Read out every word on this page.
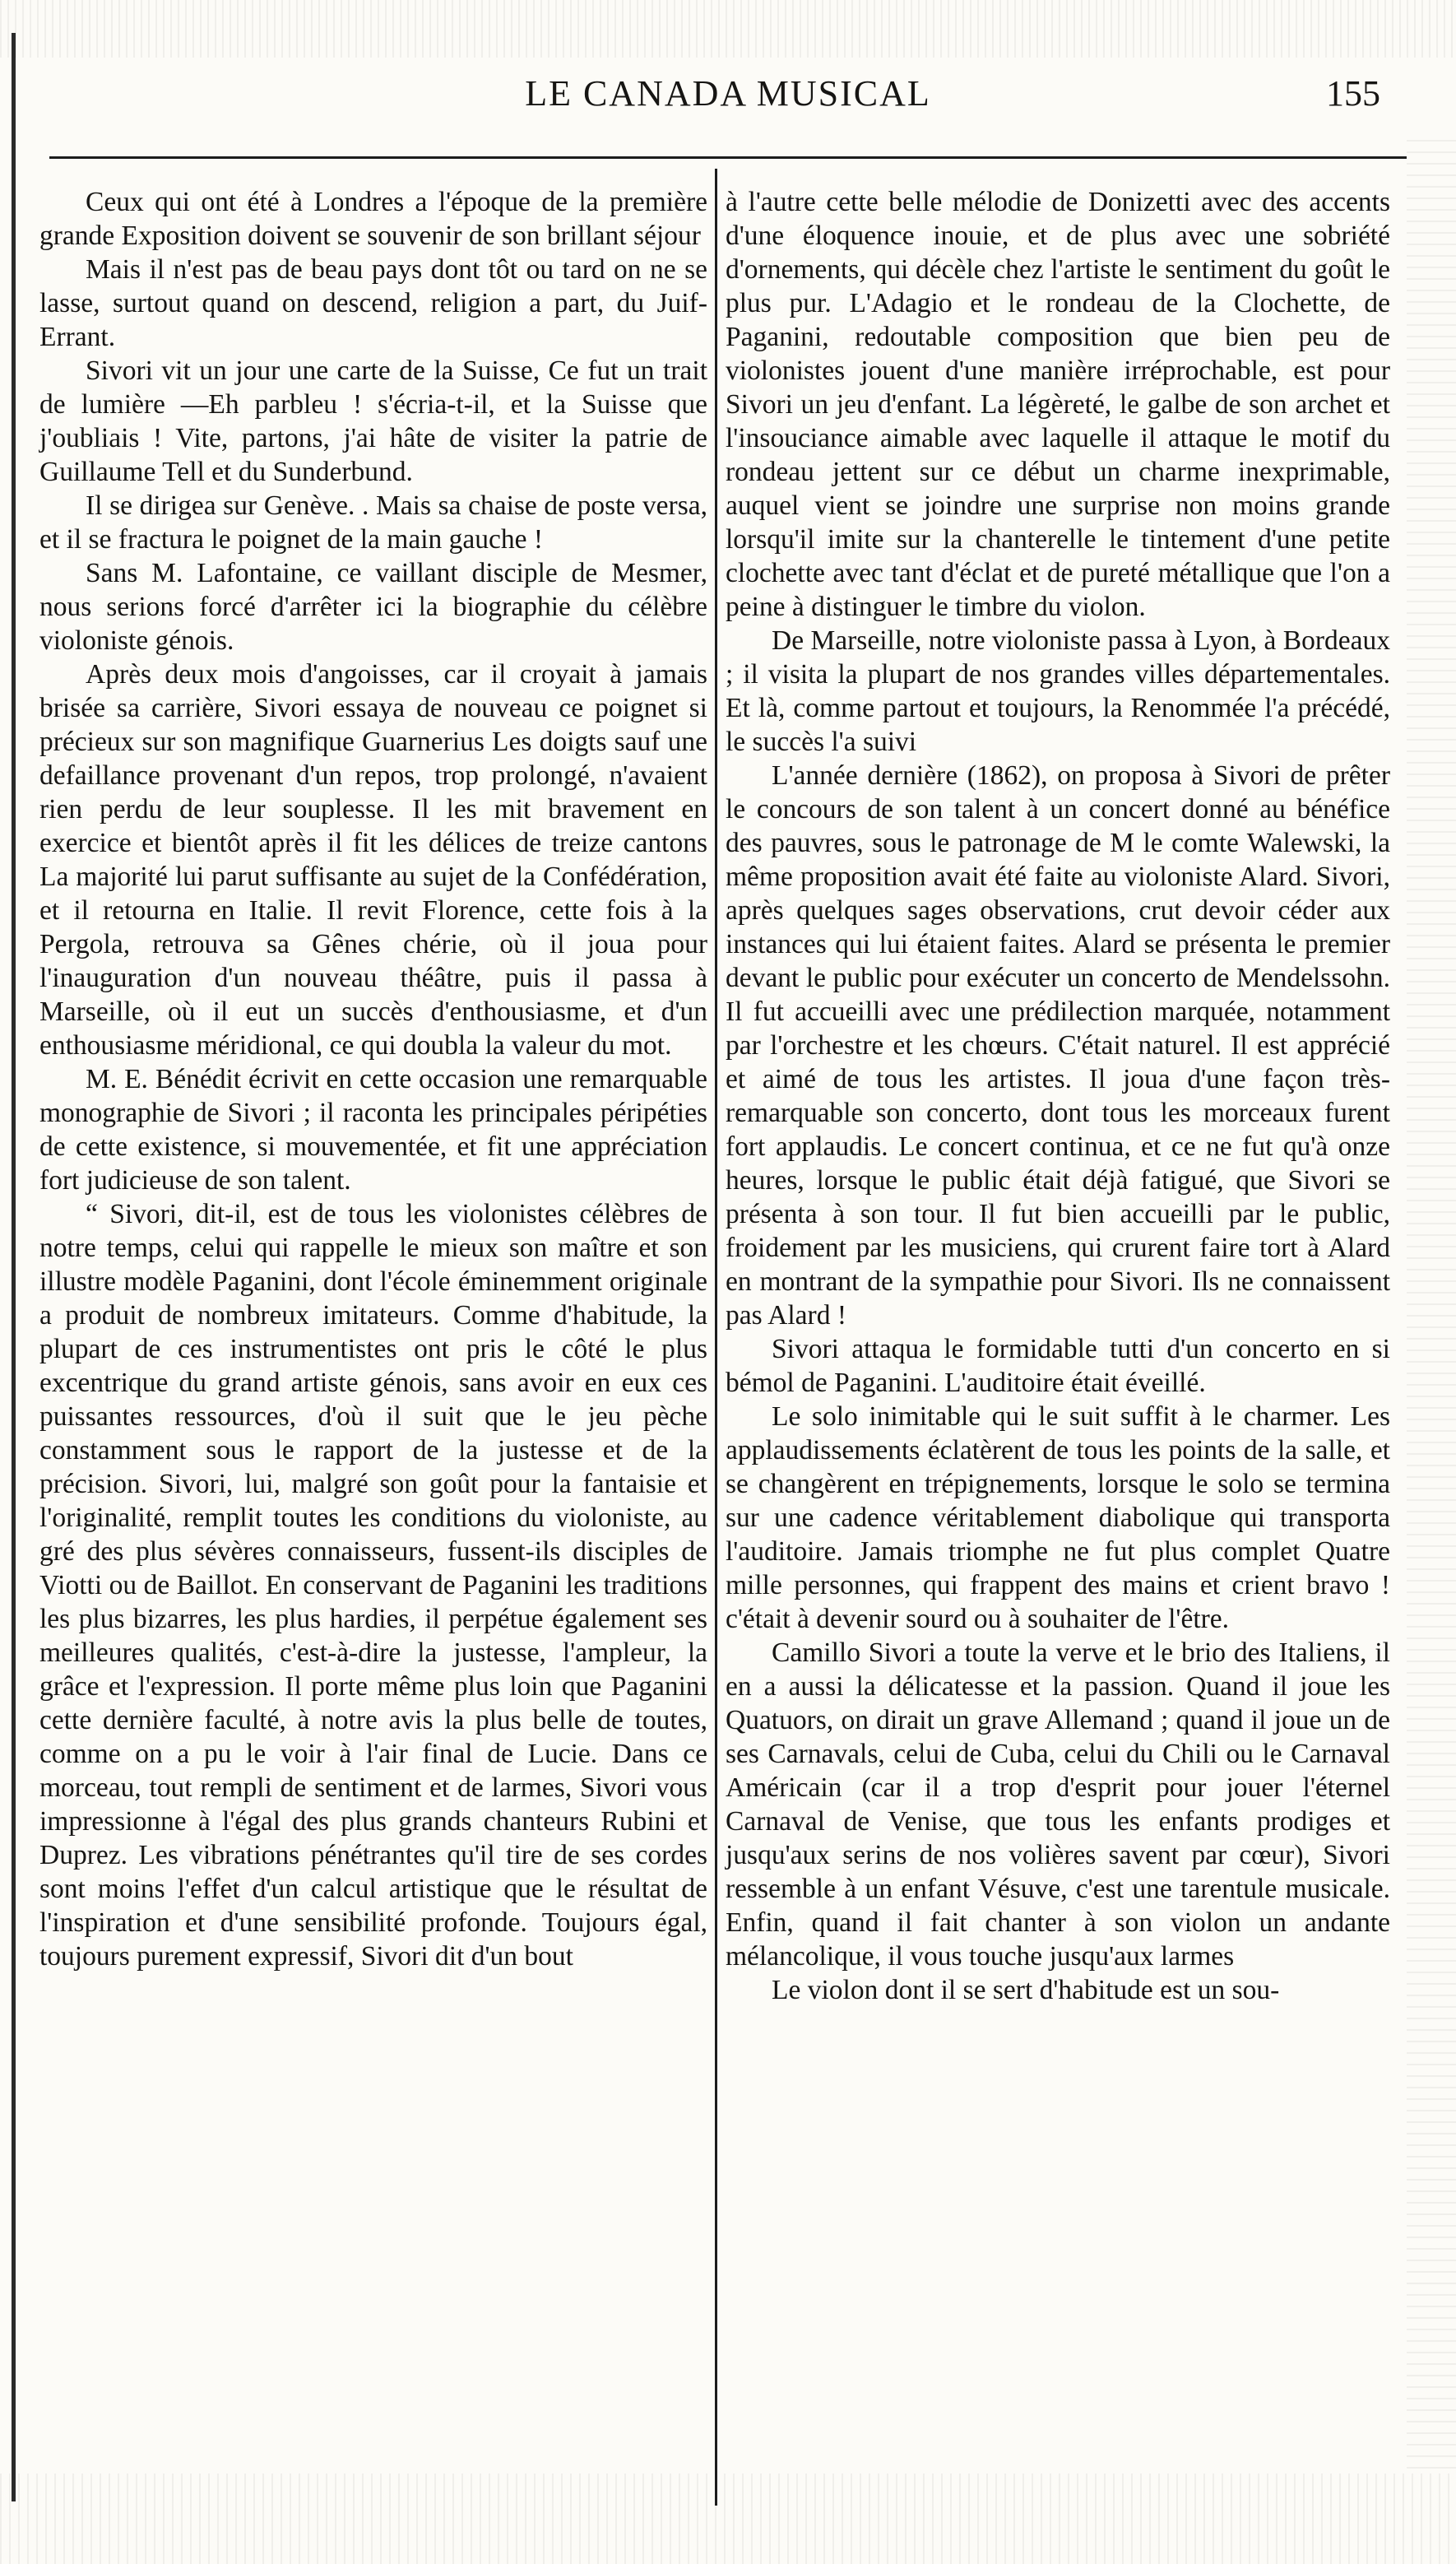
LE CANADA MUSICAL	155

Ceux qui ont été à Londres a l'époque de la première grande Exposition doivent se souvenir de son brillant séjour

Mais il n'est pas de beau pays dont tôt ou tard on ne se lasse, surtout quand on descend, religion a part, du Juif-Errant.

Sivori vit un jour une carte de la Suisse, Ce fut un trait de lumière —Eh parbleu ! s'écria-t-il, et la Suisse que j'oubliais ! Vite, partons, j'ai hâte de visiter la patrie de Guillaume Tell et du Sunderbund.

Il se dirigea sur Genève. . Mais sa chaise de poste versa, et il se fractura le poignet de la main gauche !

Sans M. Lafontaine, ce vaillant disciple de Mesmer, nous serions forcé d'arrêter ici la biographie du célèbre violoniste génois.

Après deux mois d'angoisses, car il croyait à jamais brisée sa carrière, Sivori essaya de nouveau ce poignet si précieux sur son magnifique Guarnerius Les doigts sauf une defaillance provenant d'un repos, trop prolongé, n'avaient rien perdu de leur souplesse. Il les mit bravement en exercice et bientôt après il fit les délices de treize cantons La majorité lui parut suffisante au sujet de la Confédération, et il retourna en Italie. Il revit Florence, cette fois à la Pergola, retrouva sa Gênes chérie, où il joua pour l'inauguration d'un nouveau théâtre, puis il passa à Marseille, où il eut un succès d'enthousiasme, et d'un enthousiasme méridional, ce qui doubla la valeur du mot.

M. E. Bénédit écrivit en cette occasion une remarquable monographie de Sivori ; il raconta les principales péripéties de cette existence, si mouvementée, et fit une appréciation fort judicieuse de son talent.

“ Sivori, dit-il, est de tous les violonistes célèbres de notre temps, celui qui rappelle le mieux son maître et son illustre modèle Paganini, dont l'école éminemment originale a produit de nombreux imitateurs. Comme d'habitude, la plupart de ces instrumentistes ont pris le côté le plus excentrique du grand artiste génois, sans avoir en eux ces puissantes ressources, d'où il suit que le jeu pèche constamment sous le rapport de la justesse et de la précision. Sivori, lui, malgré son goût pour la fantaisie et l'originalité, remplit toutes les conditions du violoniste, au gré des plus sévères connaisseurs, fussent-ils disciples de Viotti ou de Baillot. En conservant de Paganini les traditions les plus bizarres, les plus hardies, il perpétue également ses meilleures qualités, c'est-à-dire la justesse, l'ampleur, la grâce et l'expression. Il porte même plus loin que Paganini cette dernière faculté, à notre avis la plus belle de toutes, comme on a pu le voir à l'air final de Lucie. Dans ce morceau, tout rempli de sentiment et de larmes, Sivori vous impressionne à l'égal des plus grands chanteurs Rubini et Duprez. Les vibrations pénétrantes qu'il tire de ses cordes sont moins l'effet d'un calcul artistique que le résultat de l'inspiration et d'une sensibilité profonde. Toujours égal, toujours purement expressif, Sivori dit d'un bout

à l'autre cette belle mélodie de Donizetti avec des accents d'une éloquence inouie, et de plus avec une sobriété d'ornements, qui décèle chez l'artiste le sentiment du goût le plus pur. L'Adagio et le rondeau de la Clochette, de Paganini, redoutable composition que bien peu de violonistes jouent d'une manière irréprochable, est pour Sivori un jeu d'enfant. La légèreté, le galbe de son archet et l'insouciance aimable avec laquelle il attaque le motif du rondeau jettent sur ce début un charme inexprimable, auquel vient se joindre une surprise non moins grande lorsqu'il imite sur la chanterelle le tintement d'une petite clochette avec tant d'éclat et de pureté métallique que l'on a peine à distinguer le timbre du violon.

De Marseille, notre violoniste passa à Lyon, à Bordeaux ; il visita la plupart de nos grandes villes départementales. Et là, comme partout et toujours, la Renommée l'a précédé, le succès l'a suivi

L'année dernière (1862), on proposa à Sivori de prêter le concours de son talent à un concert donné au bénéfice des pauvres, sous le patronage de M le comte Walewski, la même proposition avait été faite au violoniste Alard. Sivori, après quelques sages observations, crut devoir céder aux instances qui lui étaient faites. Alard se présenta le premier devant le public pour exécuter un concerto de Mendelssohn. Il fut accueilli avec une prédilection marquée, notamment par l'orchestre et les chœurs. C'était naturel. Il est apprécié et aimé de tous les artistes. Il joua d'une façon très-remarquable son concerto, dont tous les morceaux furent fort applaudis. Le concert continua, et ce ne fut qu'à onze heures, lorsque le public était déjà fatigué, que Sivori se présenta à son tour. Il fut bien accueilli par le public, froidement par les musiciens, qui crurent faire tort à Alard en montrant de la sympathie pour Sivori. Ils ne connaissent pas Alard !

Sivori attaqua le formidable tutti d'un concerto en si bémol de Paganini. L'auditoire était éveillé.

Le solo inimitable qui le suit suffit à le charmer. Les applaudissements éclatèrent de tous les points de la salle, et se changèrent en trépignements, lorsque le solo se termina sur une cadence véritablement diabolique qui transporta l'auditoire. Jamais triomphe ne fut plus complet Quatre mille personnes, qui frappent des mains et crient bravo ! c'était à devenir sourd ou à souhaiter de l'être.

Camillo Sivori a toute la verve et le brio des Italiens, il en a aussi la délicatesse et la passion. Quand il joue les Quatuors, on dirait un grave Allemand ; quand il joue un de ses Carnavals, celui de Cuba, celui du Chili ou le Carnaval Américain (car il a trop d'esprit pour jouer l'éternel Carnaval de Venise, que tous les enfants prodiges et jusqu'aux serins de nos volières savent par cœur), Sivori ressemble à un enfant Vésuve, c'est une tarentule musicale. Enfin, quand il fait chanter à son violon un andante mélancolique, il vous touche jusqu'aux larmes

Le violon dont il se sert d'habitude est un sou-
